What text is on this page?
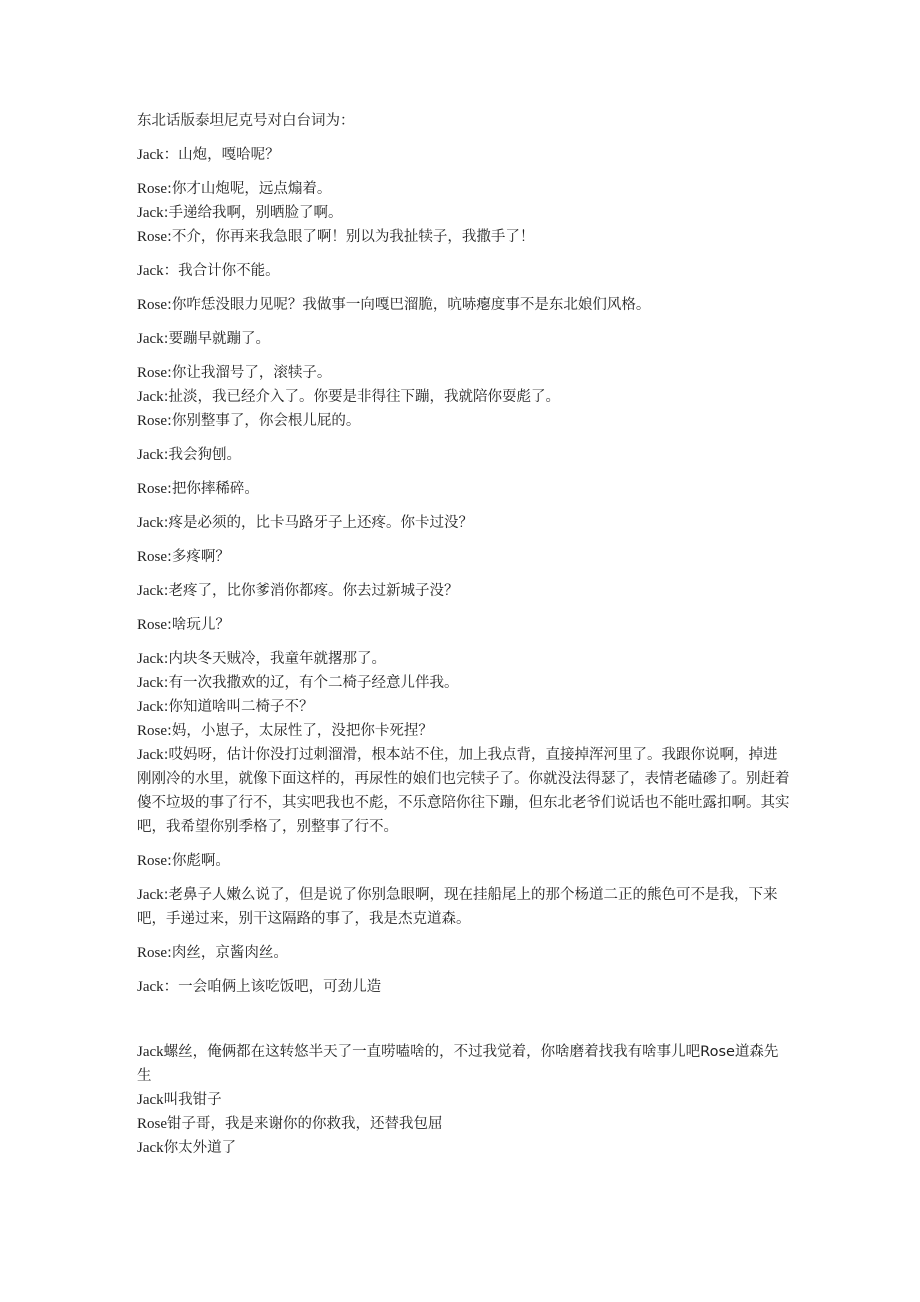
东北话版泰坦尼克号对白台词为：

Jack：山炮，嘎哈呢？

Rose:你才山炮呢，远点煽着。

Jack:手递给我啊，别晒脸了啊。

Rose:不介，你再来我急眼了啊！别以为我扯犊子，我撒手了！

Jack：我合计你不能。

Rose:你咋恁没眼力见呢？我做事一向嘎巴溜脆，吭哧瘪度事不是东北娘们风格。

Jack:要蹦早就蹦了。

Rose:你让我溜号了，滚犊子。

Jack:扯淡，我已经介入了。你要是非得往下蹦，我就陪你耍彪了。

Rose:你别整事了，你会根儿屁的。

Jack:我会狗刨。

Rose:把你摔稀碎。

Jack:疼是必须的，比卡马路牙子上还疼。你卡过没？

Rose:多疼啊？

Jack:老疼了，比你爹消你都疼。你去过新城子没？

Rose:啥玩儿？

Jack:内块冬天贼冷，我童年就撂那了。

Jack:有一次我撒欢的辽，有个二椅子经意儿伴我。

Jack:你知道啥叫二椅子不？

Rose:妈，小崽子，太尿性了，没把你卡死捏？

Jack:哎妈呀，估计你没打过刺溜滑，根本站不住，加上我点背，直接掉浑河里了。我跟你说啊，掉进刚刚冷的水里，就像下面这样的，再尿性的娘们也完犊子了。你就没法得瑟了，表情老磕碜了。别赶着傻不垃圾的事了行不，其实吧我也不彪，不乐意陪你往下蹦，但东北老爷们说话也不能吐露扣啊。其实吧，我希望你别季格了，别整事了行不。

Rose:你彪啊。

Jack:老鼻子人嫩么说了，但是说了你别急眼啊，现在挂船尾上的那个杨道二正的熊色可不是我，下来吧，手递过来，别干这隔路的事了，我是杰克道森。

Rose:肉丝，京酱肉丝。

Jack：一会咱俩上该吃饭吧，可劲儿造

Jack螺丝，俺俩都在这转悠半天了一直唠嗑啥的，不过我觉着，你啥磨着找我有啥事儿吧Rose道森先生

Jack叫我钳子

Rose钳子哥，我是来谢你的你救我，还替我包屈

Jack你太外道了
